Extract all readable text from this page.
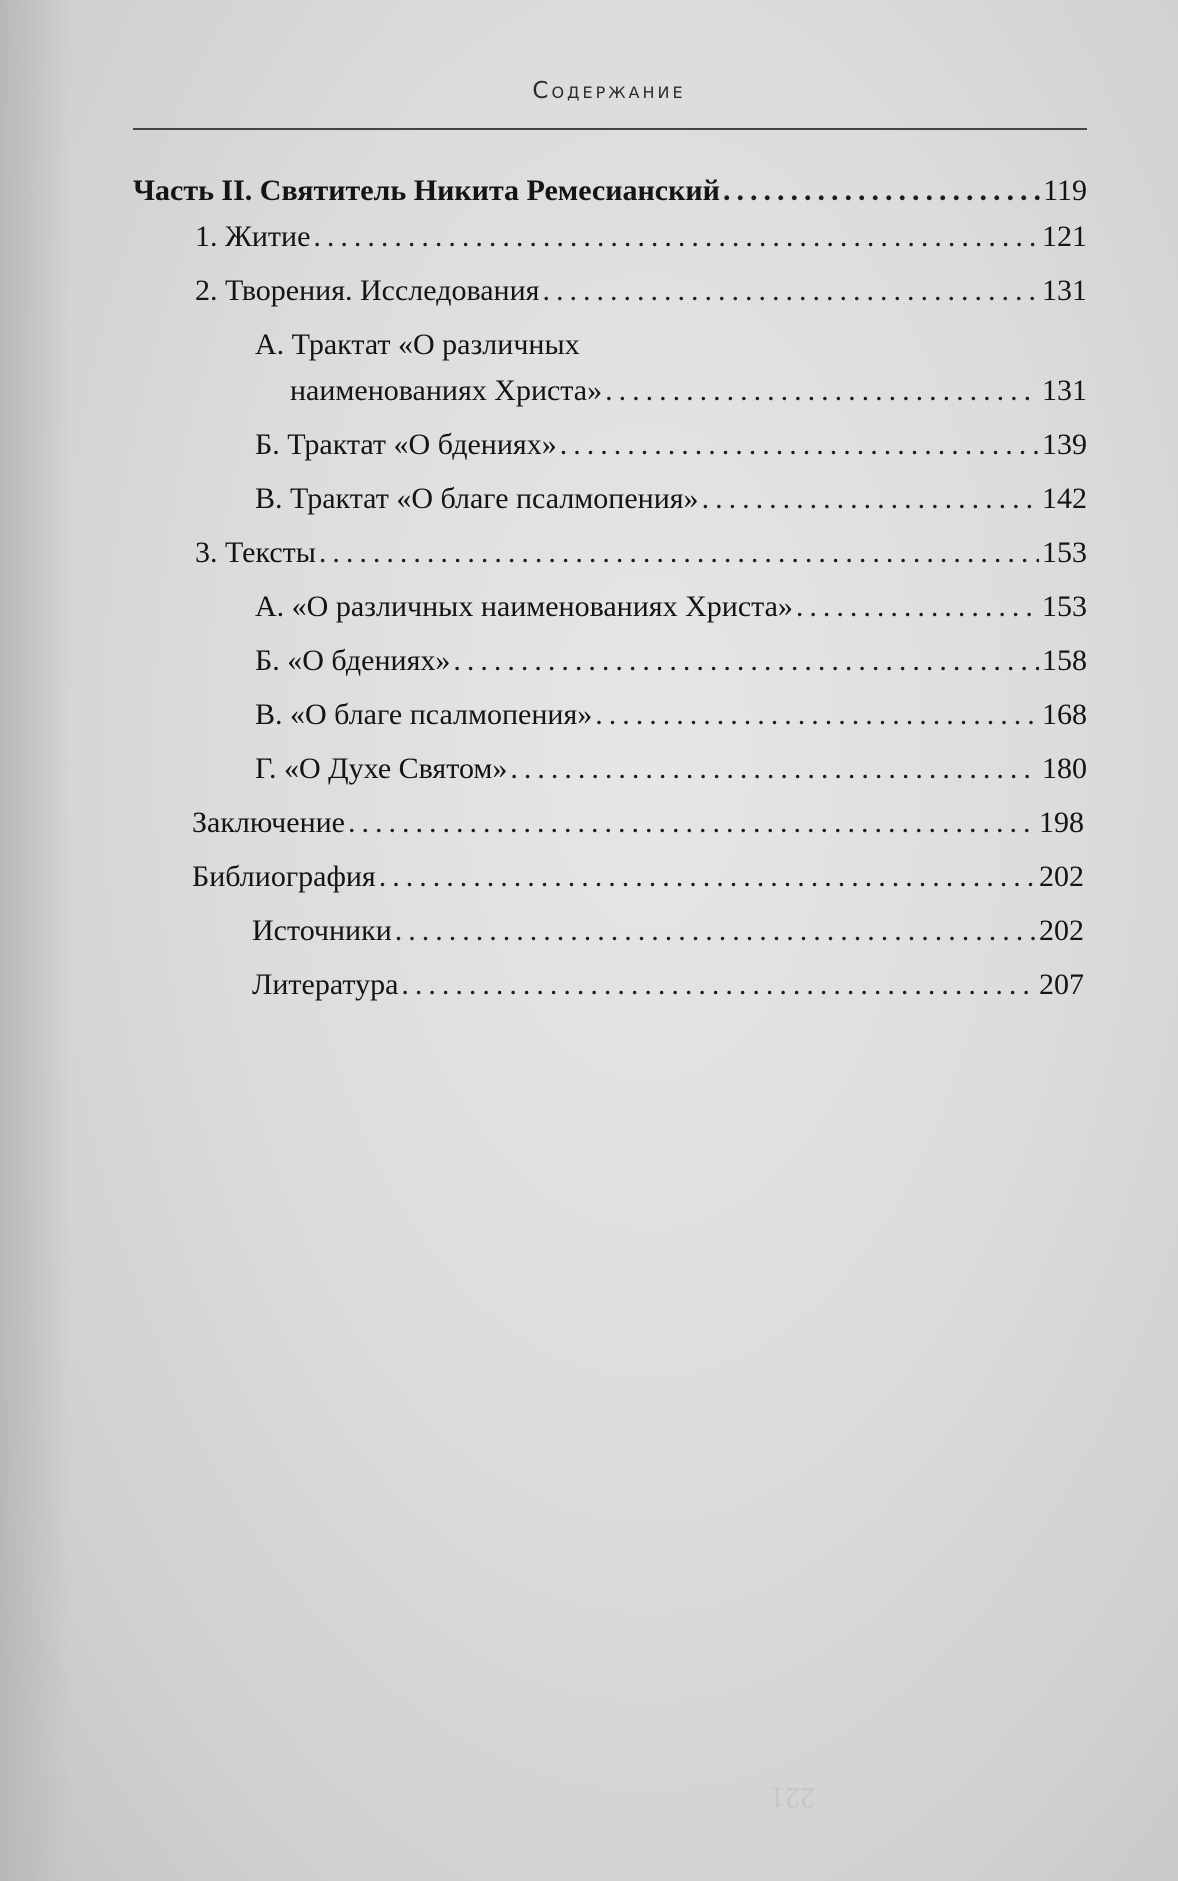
Содержание
Часть II. Святитель Никита Ремесианский .....	119
1. Житие .....	121
2. Творения. Исследования .....	131
А. Трактат «О различных
наименованиях Христа» .....	131
Б. Трактат «О бдениях» .....	139
В. Трактат «О благе псалмопения» .....	142
3. Тексты .....	153
А. «О различных наименованиях Христа» .....	153
Б. «О бдениях» .....	158
В. «О благе псалмопения» .....	168
Г. «О Духе Святом» .....	180
Заключение .....	198
Библиография .....	202
Источники .....	202
Литература .....	207
221
